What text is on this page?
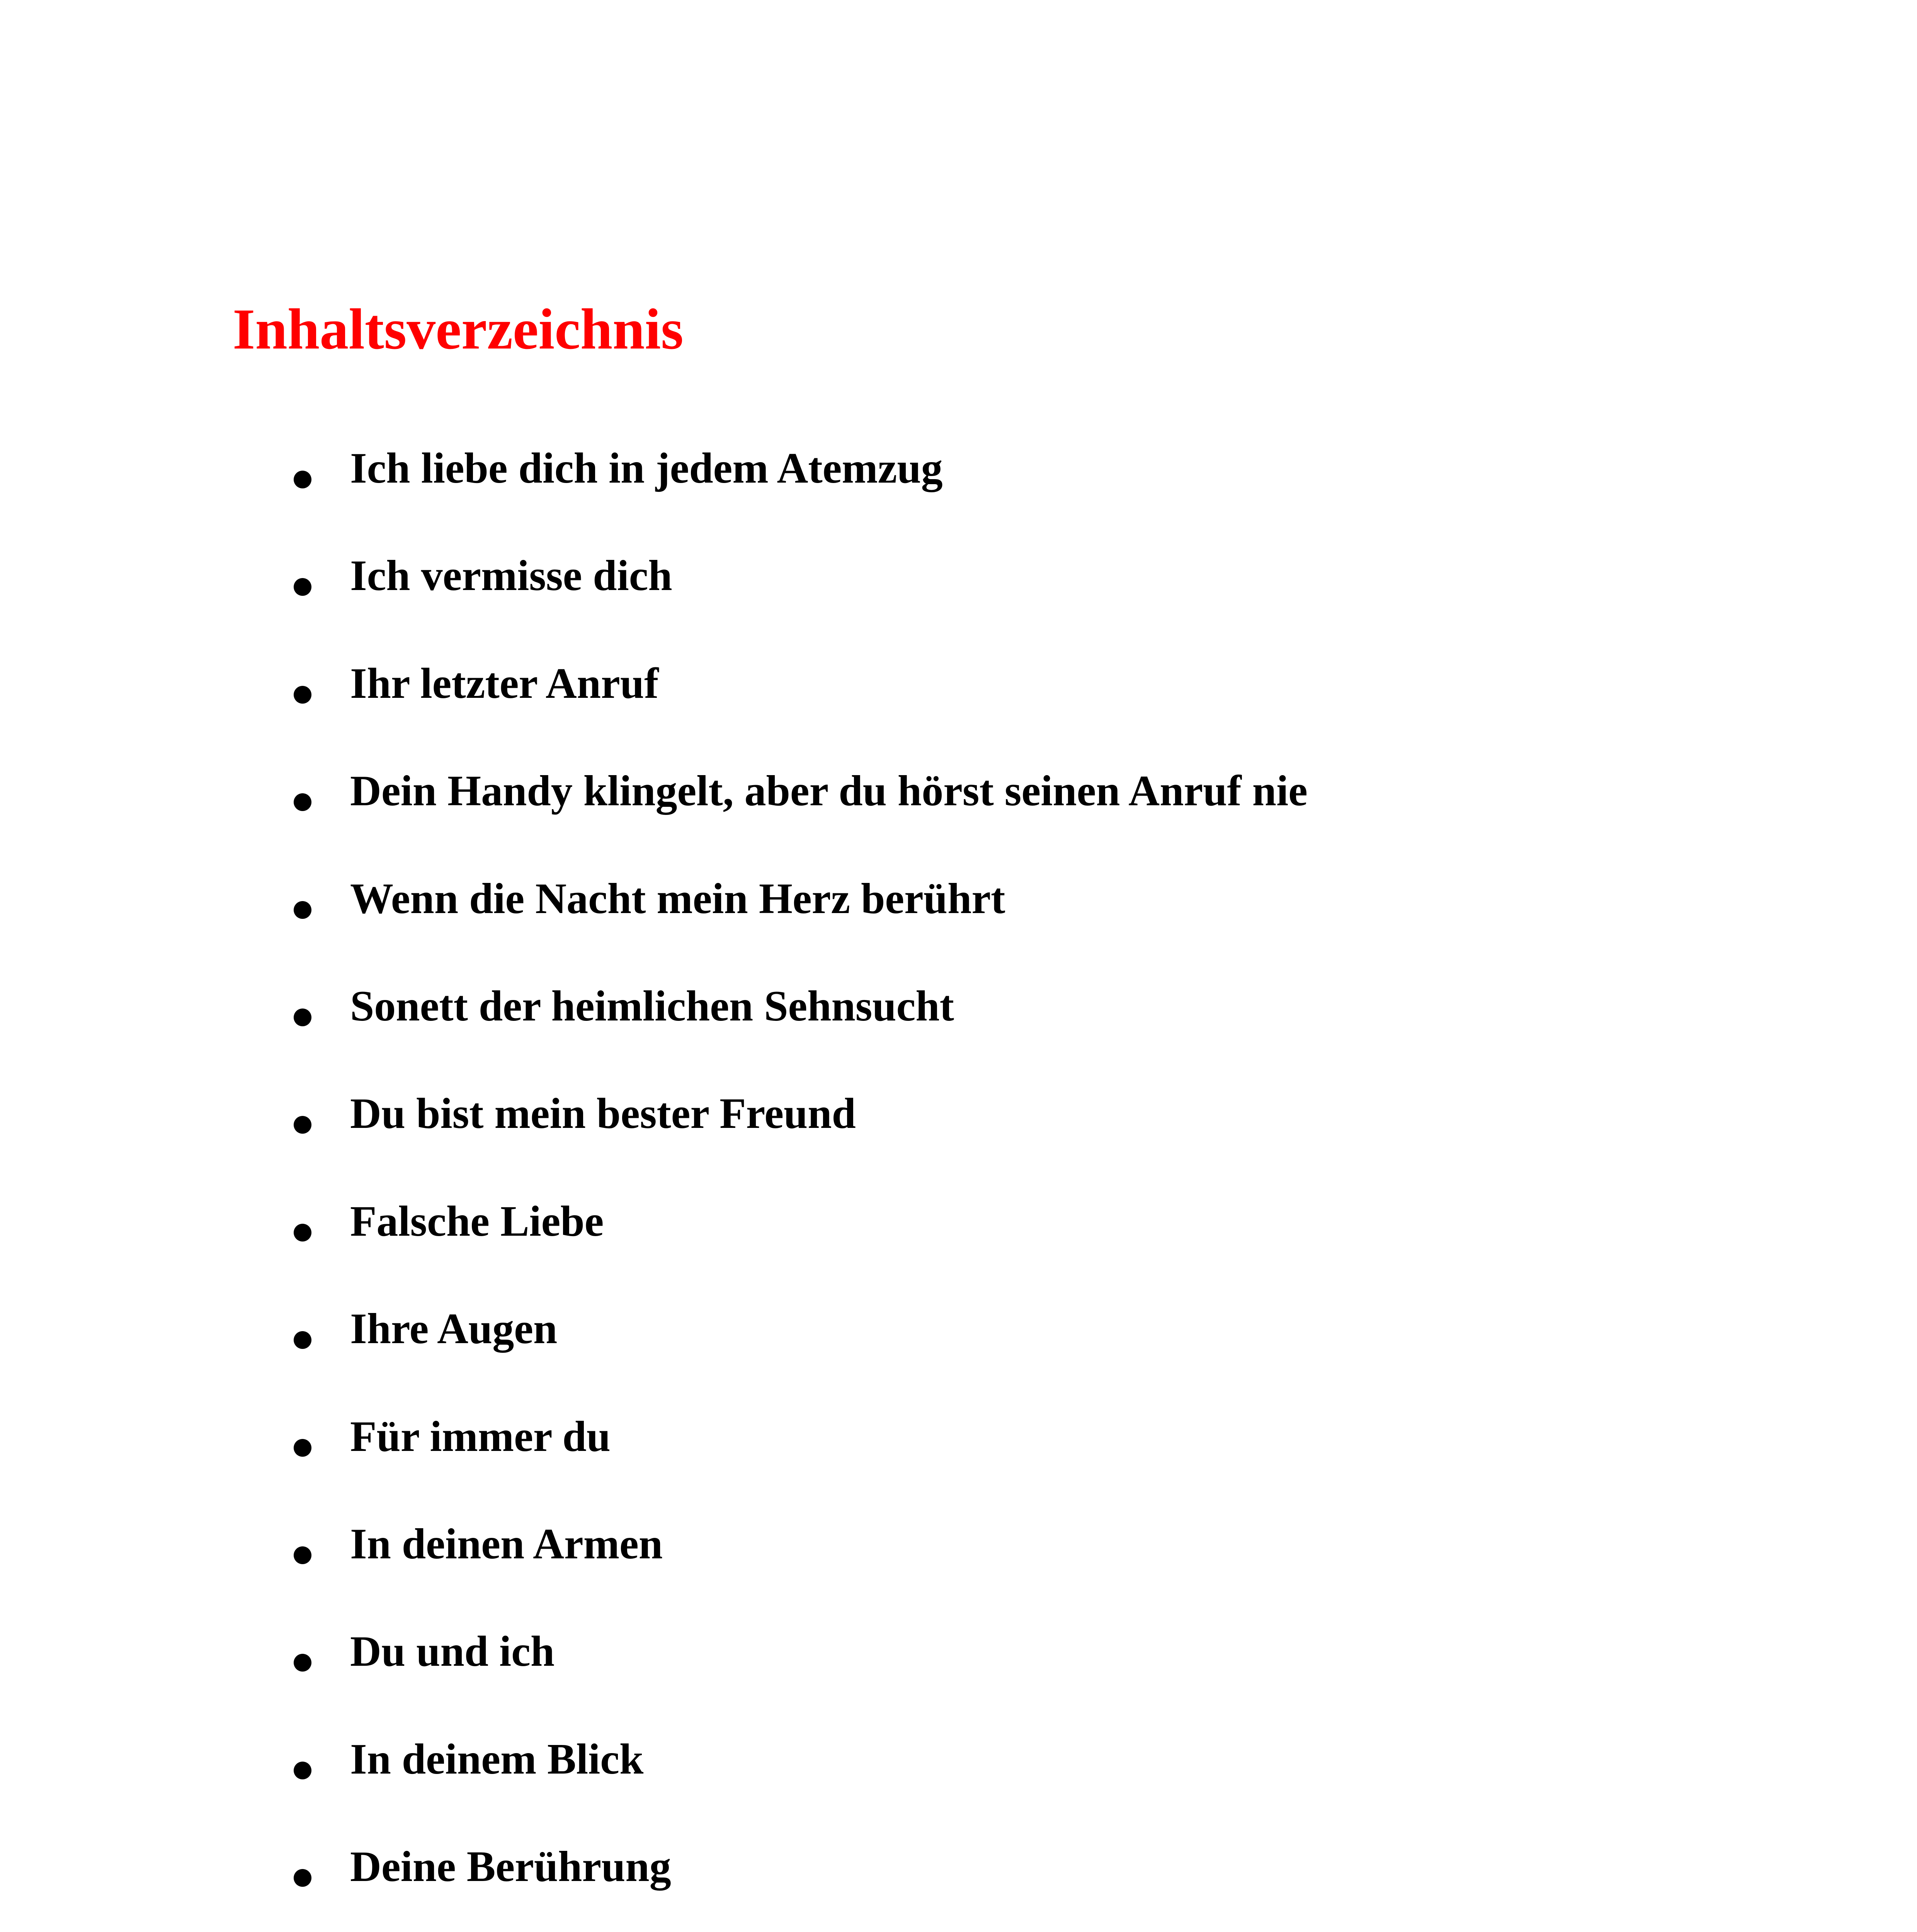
Inhaltsverzeichnis
Ich liebe dich in jedem Atemzug
Ich vermisse dich
Ihr letzter Anruf
Dein Handy klingelt, aber du hörst seinen Anruf nie
Wenn die Nacht mein Herz berührt
Sonett der heimlichen Sehnsucht
Du bist mein bester Freund
Falsche Liebe
Ihre Augen
Für immer du
In deinen Armen
Du und ich
In deinem Blick
Deine Berührung
